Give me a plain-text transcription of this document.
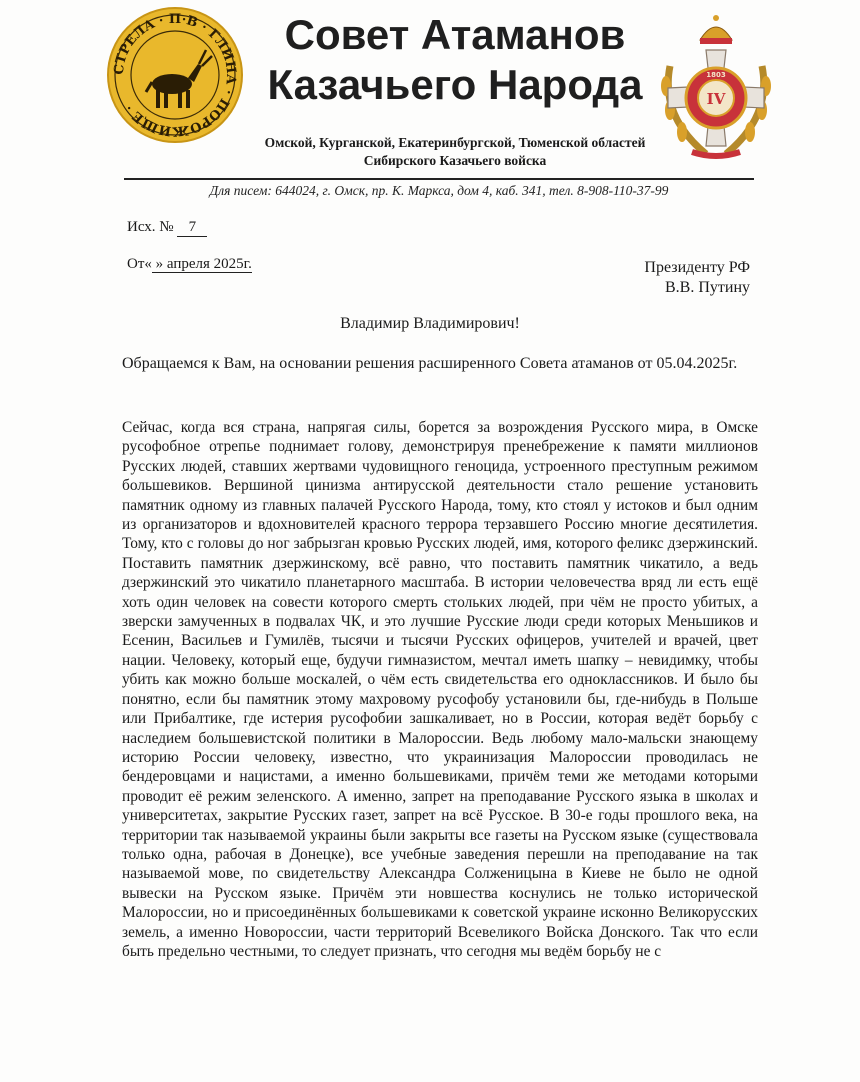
СТРЕЛА · П·В · ГЛИНА · ПОРОЖИЩЕ ·
Совет Атаманов
Казачьего Народа	IV
1803
Омской, Курганской, Екатеринбургской, Тюменской областей
Сибирского Казачьего войска
Для писем: 644024, г. Омск, пр. К. Маркса, дом 4, каб. 341, тел. 8-908-110-37-99
Исх. № 7
От« » апреля 2025г.	Президенту РФ
В.В. Путину
Владимир Владимирович!
Обращаемся к Вам, на основании решения расширенного Совета атаманов от 05.04.2025г.
Сейчас, когда вся страна, напрягая силы, борется за возрождения Русского мира, в Омске русофобное отрепье поднимает голову, демонстрируя пренебрежение к памяти миллионов Русских людей, ставших жертвами чудовищного геноцида, устроенного преступным режимом большевиков. Вершиной цинизма антирусской деятельности стало решение установить памятник одному из главных палачей Русского Народа, тому, кто стоял у истоков и был одним из организаторов и вдохновителей красного террора терзавшего Россию многие десятилетия. Тому, кто с головы до ног забрызган кровью Русских людей, имя, которого феликс дзержинский. Поставить памятник дзержинскому, всё равно, что поставить памятник чикатило, а ведь дзержинский это чикатило планетарного масштаба. В истории человечества вряд ли есть ещё хоть один человек на совести которого смерть стольких людей, при чём не просто убитых, а зверски замученных в подвалах ЧК, и это лучшие Русские люди среди которых Меньшиков и Есенин, Васильев и Гумилёв, тысячи и тысячи Русских офицеров, учителей и врачей, цвет нации. Человеку, который еще, будучи гимназистом, мечтал иметь шапку – невидимку, чтобы убить как можно больше москалей, о чём есть свидетельства его одноклассников. И было бы понятно, если бы памятник этому махровому русофобу установили бы, где-нибудь в Польше или Прибалтике, где истерия русофобии зашкаливает, но в России, которая ведёт борьбу с наследием большевистской политики в Малороссии. Ведь любому мало-мальски знающему историю России человеку, известно, что украинизация Малороссии проводилась не бендеровцами и нацистами, а именно большевиками, причём теми же методами которыми проводит её режим зеленского. А именно, запрет на преподавание Русского языка в школах и университетах, закрытие Русских газет, запрет на всё Русское. В 30-е годы прошлого века, на территории так называемой украины были закрыты все газеты на Русском языке (существовала только одна, рабочая в Донецке), все учебные заведения перешли на преподавание на так называемой мове, по свидетельству Александра Солженицына в Киеве не было не одной вывески на Русском языке. Причём эти новшества коснулись не только исторической Малороссии, но и присоединённых большевиками к советской украине исконно Великорусских земель, а именно Новороссии, части территорий Всевеликого Войска Донского. Так что если быть предельно честными, то следует признать, что сегодня мы ведём борьбу не с
